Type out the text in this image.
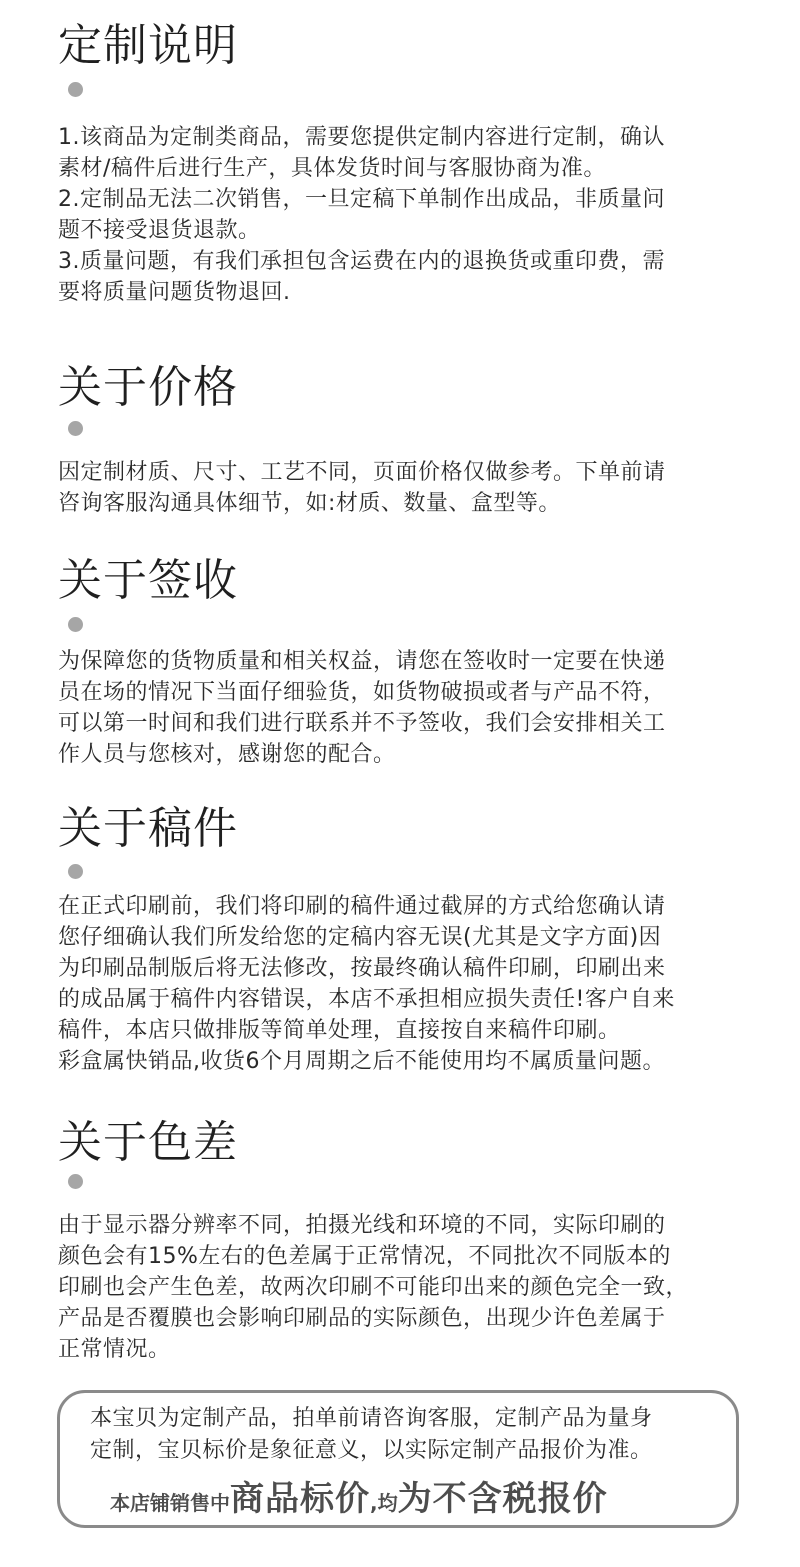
定制说明

1.该商品为定制类商品，需要您提供定制内容进行定制，确认
素材/稿件后进行生产，具体发货时间与客服协商为准。

2.定制品无法二次销售，一旦定稿下单制作出成品，非质量问
题不接受退货退款。

3.质量问题，有我们承担包含运费在内的退换货或重印费，需
要将质量问题货物退回.

关于价格

因定制材质、尺寸、工艺不同，页面价格仅做参考。下单前请
咨询客服沟通具体细节，如:材质、数量、盒型等。

关于签收

为保障您的货物质量和相关权益，请您在签收时一定要在快递
员在场的情况下当面仔细验货，如货物破损或者与产品不符，
可以第一时间和我们进行联系并不予签收，我们会安排相关工
作人员与您核对，感谢您的配合。

关于稿件

在正式印刷前，我们将印刷的稿件通过截屏的方式给您确认请
您仔细确认我们所发给您的定稿内容无误(尤其是文字方面)因
为印刷品制版后将无法修改，按最终确认稿件印刷，印刷出来
的成品属于稿件内容错误，本店不承担相应损失责任!客户自来
稿件，本店只做排版等简单处理，直接按自来稿件印刷。

彩盒属快销品,收货6个月周期之后不能使用均不属质量问题。

关于色差

由于显示器分辨率不同，拍摄光线和环境的不同，实际印刷的
颜色会有15%左右的色差属于正常情况，不同批次不同版本的
印刷也会产生色差，故两次印刷不可能印出来的颜色完全一致，
产品是否覆膜也会影响印刷品的实际颜色，出现少许色差属于
正常情况。

本宝贝为定制产品，拍单前请咨询客服，定制产品为量身
定制，宝贝标价是象征意义，以实际定制产品报价为准。
本店铺销售中商品标价,均为不含税报价
